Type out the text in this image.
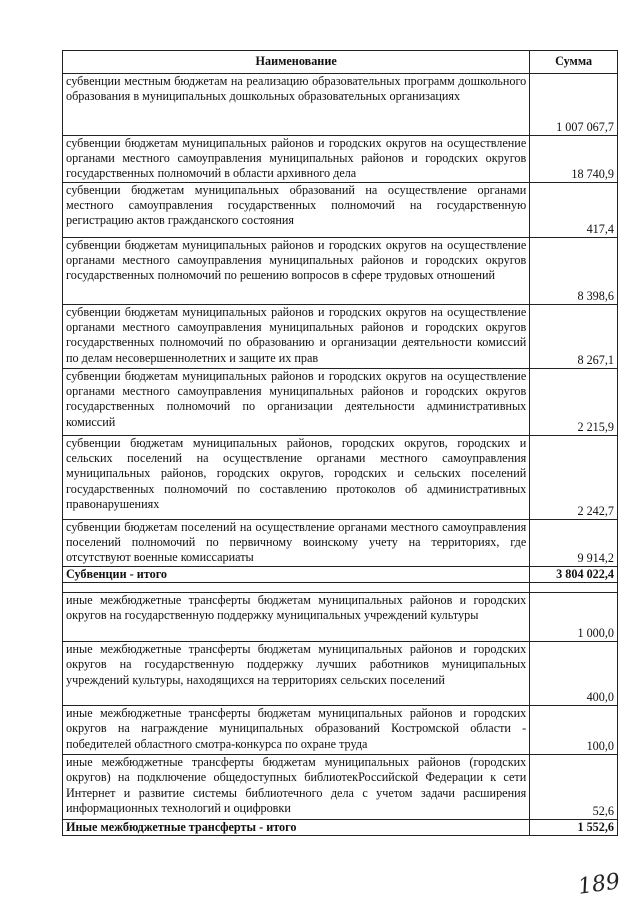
Наименование	Сумма
субвенции местным бюджетам на реализацию образовательных программ дошкольного образования в муниципальных дошкольных образовательных организациях	1 007 067,7
субвенции бюджетам муниципальных районов и городских округов на осуществление органами местного самоуправления муниципальных районов и городских округов государственных полномочий в области архивного дела	18 740,9
субвенции бюджетам муниципальных образований на осуществление органами местного самоуправления государственных полномочий на государственную регистрацию актов гражданского состояния	417,4
субвенции бюджетам муниципальных районов и городских округов на осуществление органами местного самоуправления муниципальных районов и городских округов государственных полномочий по решению вопросов в сфере трудовых отношений	8 398,6
субвенции бюджетам муниципальных районов и городских округов на осуществление органами местного самоуправления муниципальных районов и городских округов государственных полномочий по образованию и организации деятельности комиссий по делам несовершеннолетних и защите их прав	8 267,1
субвенции бюджетам муниципальных районов и городских округов на осуществление органами местного самоуправления муниципальных районов и городских округов государственных полномочий по организации деятельности административных комиссий	2 215,9
субвенции бюджетам муниципальных районов, городских округов, городских и сельских поселений на осуществление органами местного самоуправления муниципальных районов, городских округов, городских и сельских поселений государственных полномочий по составлению протоколов об административных правонарушениях	2 242,7
субвенции бюджетам поселений на осуществление органами местного самоуправления поселений полномочий по первичному воинскому учету на территориях, где отсутствуют военные комиссариаты	9 914,2
Субвенции - итого	3 804 022,4

иные межбюджетные трансферты бюджетам муниципальных районов и городских округов на государственную поддержку муниципальных учреждений культуры	1 000,0
иные межбюджетные трансферты бюджетам муниципальных районов и городских округов на государственную поддержку лучших работников муниципальных учреждений культуры, находящихся на территориях сельских поселений	400,0
иные межбюджетные трансферты бюджетам муниципальных районов и городских округов на награждение муниципальных образований Костромской области - победителей областного смотра-конкурса по охране труда	100,0
иные межбюджетные трансферты бюджетам муниципальных районов (городских округов) на подключение общедоступных библиотекРоссийской Федерации к сети Интернет и развитие системы библиотечного дела с учетом задачи расширения информационных технологий и оцифровки	52,6
Иные межбюджетные трансферты - итого	1 552,6
189
